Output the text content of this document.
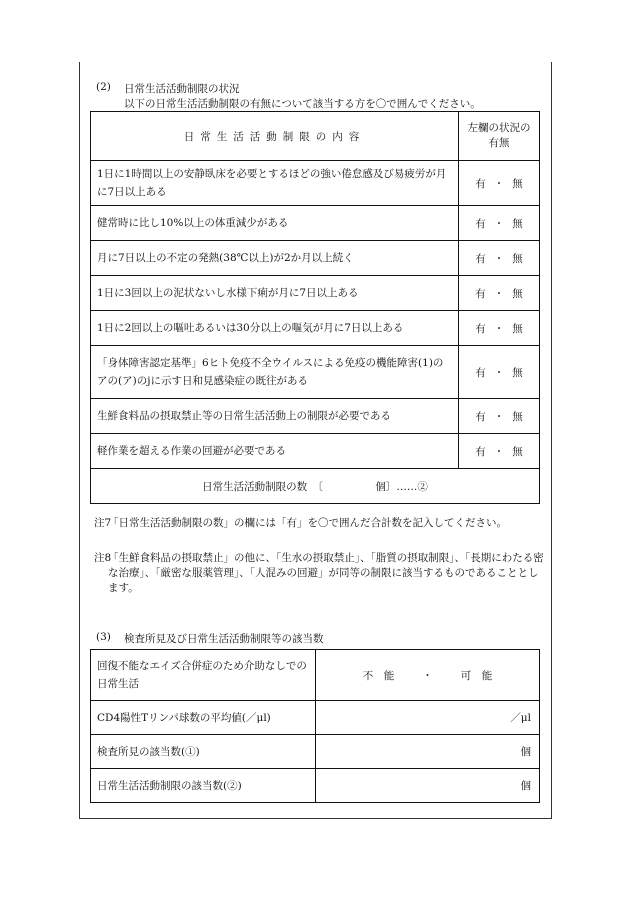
(2) 日常生活活動制限の状況
以下の日常生活活動制限の有無について該当する方を〇で囲んでください。
日常生活活動制限の内容	左欄の状況の
有無

1日に1時間以上の安静臥床を必要とするほどの強い倦怠感及び易疲労が月に7日以上ある	有 ・ 無
健常時に比し10%以上の体重減少がある	有 ・ 無
月に7日以上の不定の発熱(38℃以上)が2か月以上続く	有 ・ 無
1日に3回以上の泥状ないし水様下痢が月に7日以上ある	有 ・ 無
1日に2回以上の嘔吐あるいは30分以上の嘔気が月に7日以上ある	有 ・ 無
「身体障害認定基準」6ヒト免疫不全ウイルスによる免疫の機能障害(1)のアの(ア)のjに示す日和見感染症の既往がある	有 ・ 無
生鮮食料品の摂取禁止等の日常生活活動上の制限が必要である	有 ・ 無
軽作業を超える作業の回避が必要である	有 ・ 無
日常生活活動制限の数　〔　　　　　個〕……②	
注7
「日常生活活動制限の数」の欄には「有」を〇で囲んだ合計数を記入してください。
注8
「生鮮食料品の摂取禁止」の他に、「生水の摂取禁止」、「脂質の摂取制限」、「長期にわたる密な治療」、「厳密な服薬管理」、「人混みの回避」が同等の制限に該当するものであることとします。
(3) 検査所見及び日常生活活動制限等の該当数
回復不能なエイズ合併症のため介助なしでの日常生活	不　能 ・ 可　能
CD4陽性Tリンパ球数の平均値(／μl)	／μl
検査所見の該当数(①)	個
日常生活活動制限の該当数(②)	個
